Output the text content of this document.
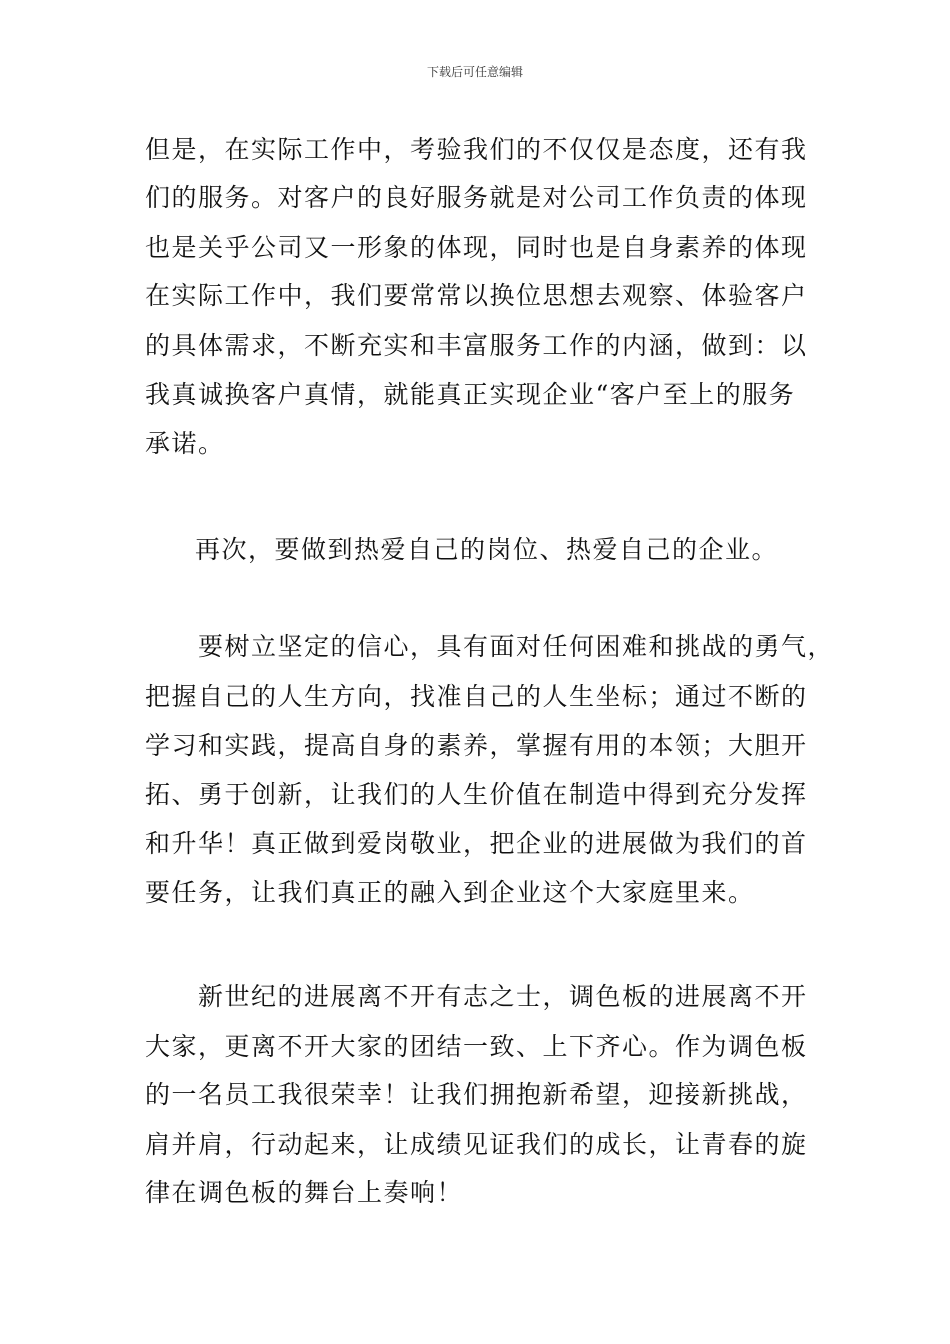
下载后可任意编辑
但是，在实际工作中，考验我们的不仅仅是态度，还有我
们的服务。对客户的良好服务就是对公司工作负责的体现
也是关乎公司又一形象的体现，同时也是自身素养的体现
在实际工作中，我们要常常以换位思想去观察、体验客户
的具体需求，不断充实和丰富服务工作的内涵，做到：以
我真诚换客户真情，就能真正实现企业“客户至上的服务
承诺。
再次，要做到热爱自己的岗位、热爱自己的企业。
要树立坚定的信心，具有面对任何困难和挑战的勇气，
把握自己的人生方向，找准自己的人生坐标；通过不断的
学习和实践，提高自身的素养，掌握有用的本领；大胆开
拓、勇于创新，让我们的人生价值在制造中得到充分发挥
和升华！真正做到爱岗敬业，把企业的进展做为我们的首
要任务，让我们真正的融入到企业这个大家庭里来。
新世纪的进展离不开有志之士，调色板的进展离不开
大家，更离不开大家的团结一致、上下齐心。作为调色板
的一名员工我很荣幸！让我们拥抱新希望，迎接新挑战，
肩并肩，行动起来，让成绩见证我们的成长，让青春的旋
律在调色板的舞台上奏响！
